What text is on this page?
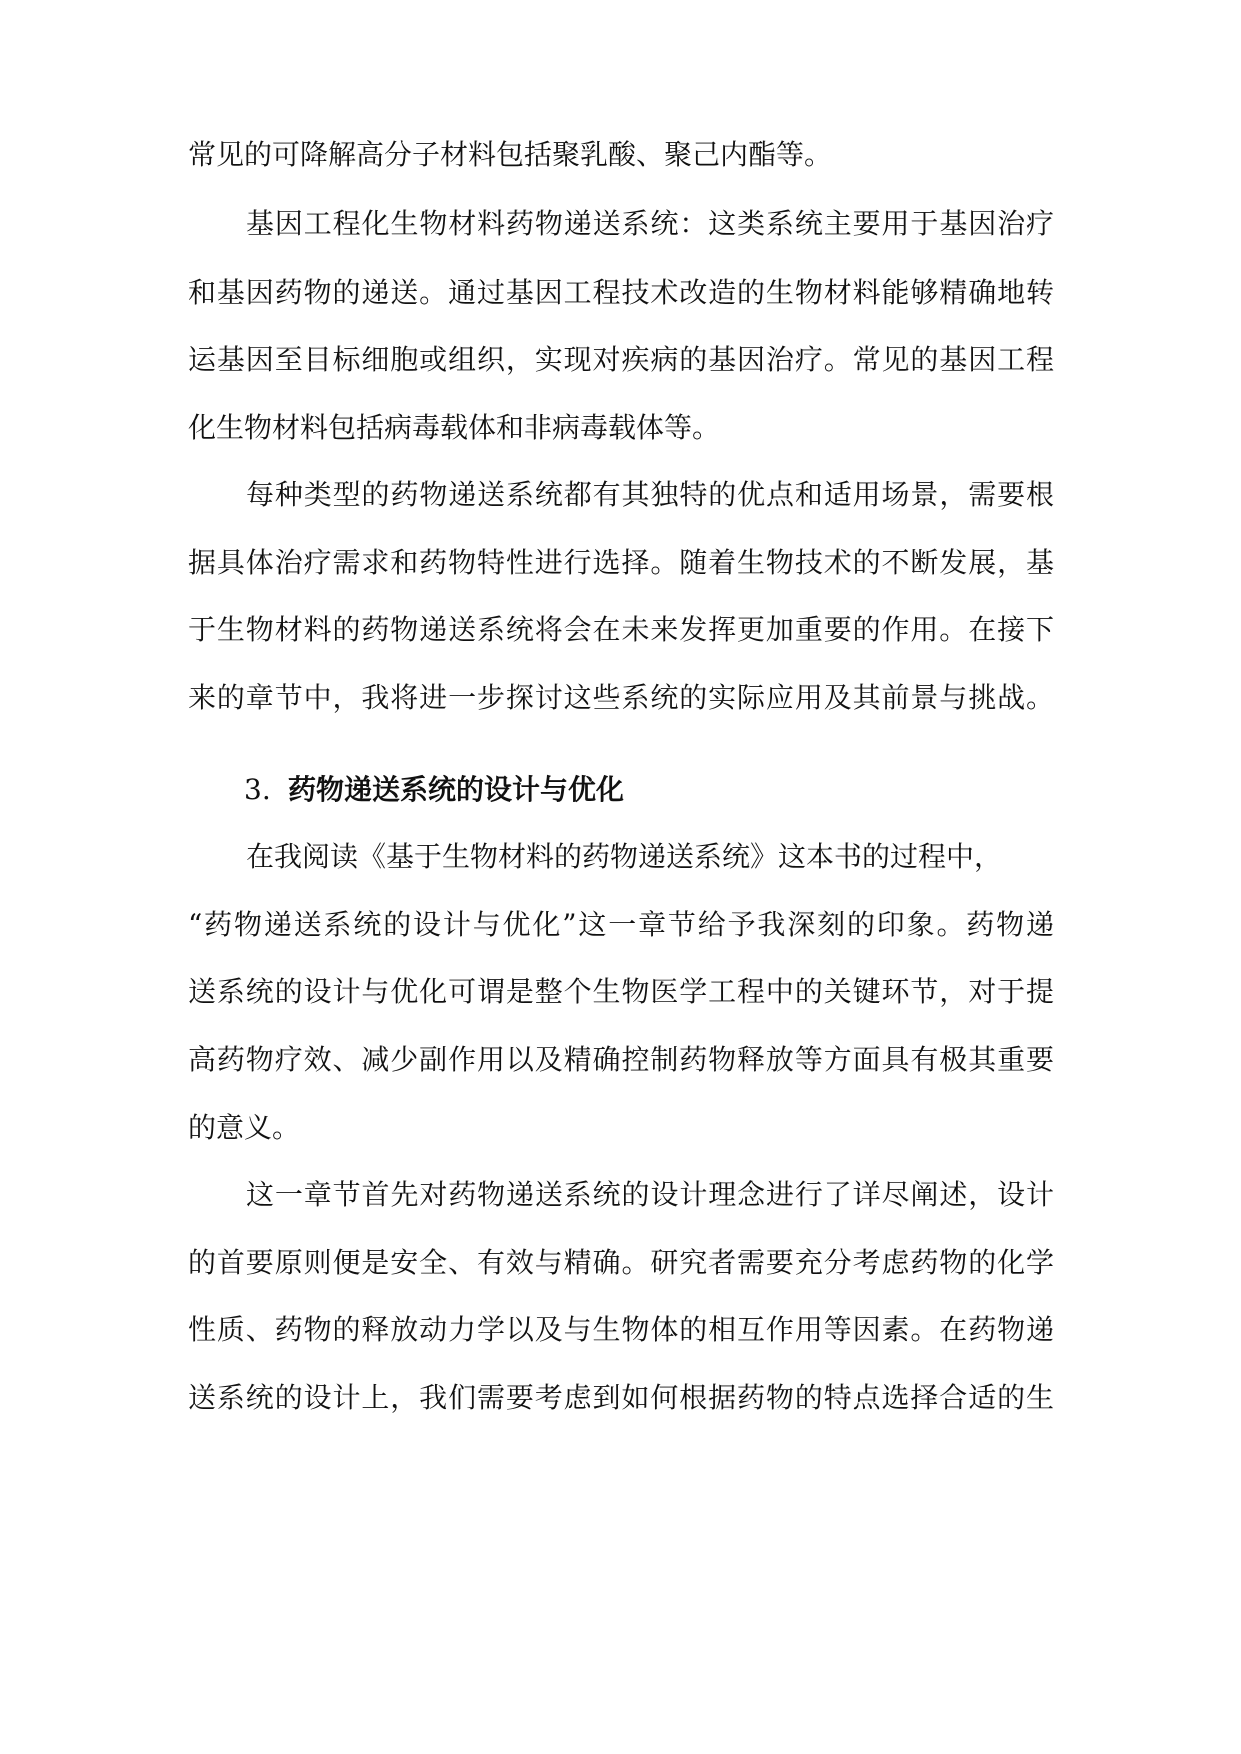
常见的可降解高分子材料包括聚乳酸、聚己内酯等。
基因工程化生物材料药物递送系统：这类系统主要用于基因治疗
和基因药物的递送。通过基因工程技术改造的生物材料能够精确地转
运基因至目标细胞或组织，实现对疾病的基因治疗。常见的基因工程
化生物材料包括病毒载体和非病毒载体等。
每种类型的药物递送系统都有其独特的优点和适用场景，需要根
据具体治疗需求和药物特性进行选择。随着生物技术的不断发展，基
于生物材料的药物递送系统将会在未来发挥更加重要的作用。在接下
来的章节中，我将进一步探讨这些系统的实际应用及其前景与挑战。
3. 药物递送系统的设计与优化
在我阅读《基于生物材料的药物递送系统》这本书的过程中，
“药物递送系统的设计与优化”这一章节给予我深刻的印象。药物递
送系统的设计与优化可谓是整个生物医学工程中的关键环节，对于提
高药物疗效、减少副作用以及精确控制药物释放等方面具有极其重要
的意义。
这一章节首先对药物递送系统的设计理念进行了详尽阐述，设计
的首要原则便是安全、有效与精确。研究者需要充分考虑药物的化学
性质、药物的释放动力学以及与生物体的相互作用等因素。在药物递
送系统的设计上，我们需要考虑到如何根据药物的特点选择合适的生
